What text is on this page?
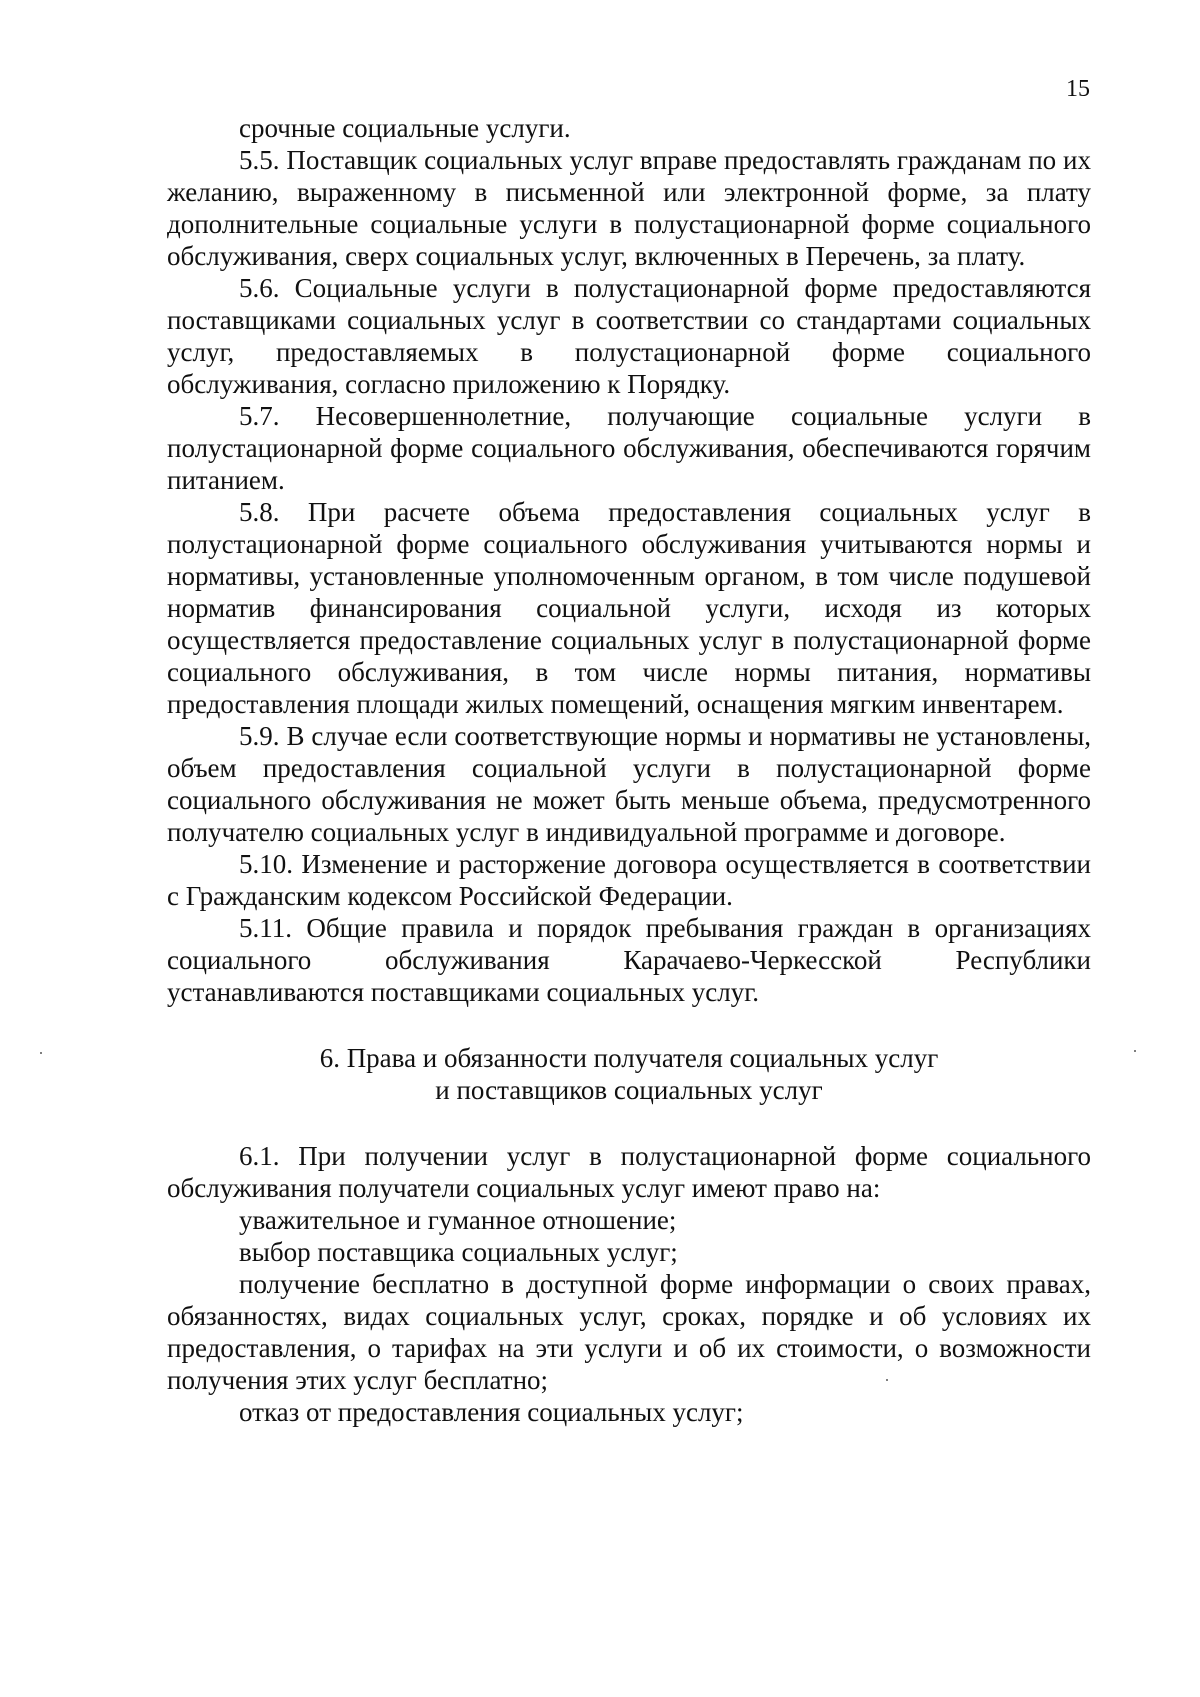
15

срочные социальные услуги.

5.5. Поставщик социальных услуг вправе предоставлять гражданам по их желанию, выраженному в письменной или электронной форме, за плату дополнительные социальные услуги в полустационарной форме социального обслуживания, сверх социальных услуг, включенных в Перечень, за плату.

5.6. Социальные услуги в полустационарной форме предоставляются поставщиками социальных услуг в соответствии со стандартами социальных услуг, предоставляемых в полустационарной форме социального обслуживания, согласно приложению к Порядку.

5.7. Несовершеннолетние, получающие социальные услуги в полустационарной форме социального обслуживания, обеспечиваются горячим питанием.

5.8. При расчете объема предоставления социальных услуг в полустационарной форме социального обслуживания учитываются нормы и нормативы, установленные уполномоченным органом, в том числе подушевой норматив финансирования социальной услуги, исходя из которых осуществляется предоставление социальных услуг в полустационарной форме социального обслуживания, в том числе нормы питания, нормативы предоставления площади жилых помещений, оснащения мягким инвентарем.

5.9. В случае если соответствующие нормы и нормативы не установлены, объем предоставления социальной услуги в полустационарной форме социального обслуживания не может быть меньше объема, предусмотренного получателю социальных услуг в индивидуальной программе и договоре.

5.10. Изменение и расторжение договора осуществляется в соответствии с Гражданским кодексом Российской Федерации.

5.11. Общие правила и порядок пребывания граждан в организациях социального обслуживания Карачаево-Черкесской Республики устанавливаются поставщиками социальных услуг.

6. Права и обязанности получателя социальных услуг
и поставщиков социальных услуг

6.1. При получении услуг в полустационарной форме социального обслуживания получатели социальных услуг имеют право на:

уважительное и гуманное отношение;

выбор поставщика социальных услуг;

получение бесплатно в доступной форме информации о своих правах, обязанностях, видах социальных услуг, сроках, порядке и об условиях их предоставления, о тарифах на эти услуги и об их стоимости, о возможности получения этих услуг бесплатно;

отказ от предоставления социальных услуг;
